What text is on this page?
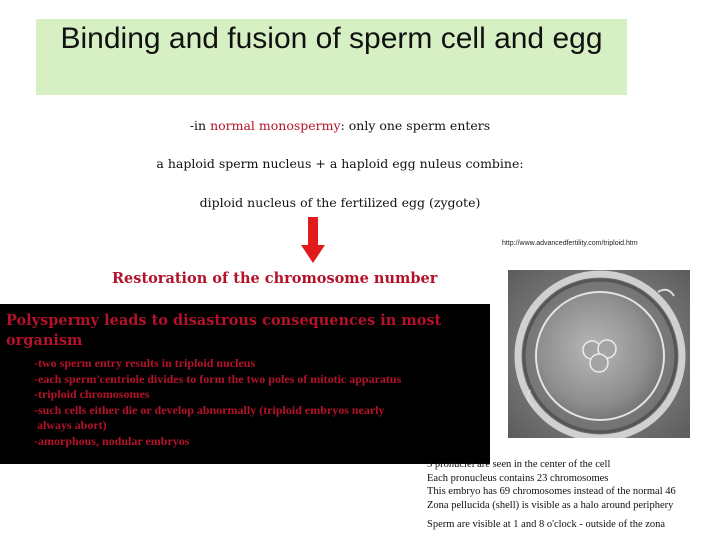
Binding and fusion of sperm cell and egg
-in normal monospermy: only one sperm enters
a haploid sperm nucleus + a haploid egg nuleus combine:
diploid nucleus of the fertilized egg (zygote)
http://www.advancedfertility.com/triploid.htm
Restoration of the chromosome number
Polyspermy leads to disastrous consequences in most organism
-two sperm entry results in triploid nucleus
-each sperm'centriole divides to form the two poles of mitotic apparatus
-triploid chromosomes
-such cells either die or develop abnormally (triploid embryos nearly
always abort)
-amorphous, nodular embryos
3 pronuclei are seen in the center of the cell
Each pronucleus contains 23 chromosomes
This embryo has 69 chromosomes instead of the normal 46
Zona pellucida (shell) is visible as a halo around periphery
Sperm are visible at 1 and 8 o'clock - outside of the zona
